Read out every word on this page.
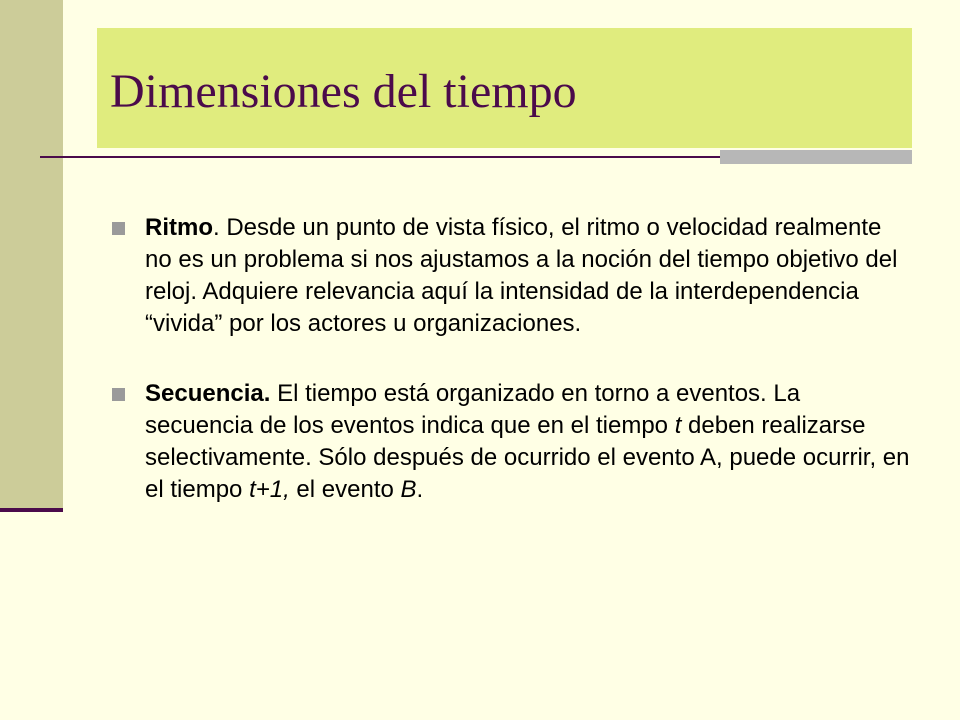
Dimensiones del tiempo
Ritmo. Desde un punto de vista físico, el ritmo o velocidad realmente no es un problema si nos ajustamos a la noción del tiempo objetivo del reloj. Adquiere relevancia aquí la intensidad de la interdependencia “vivida” por los actores u organizaciones.
Secuencia. El tiempo está organizado en torno a eventos. La secuencia de los eventos indica que en el tiempo t deben realizarse selectivamente. Sólo después de ocurrido el evento A, puede ocurrir, en el tiempo t+1, el evento B.
